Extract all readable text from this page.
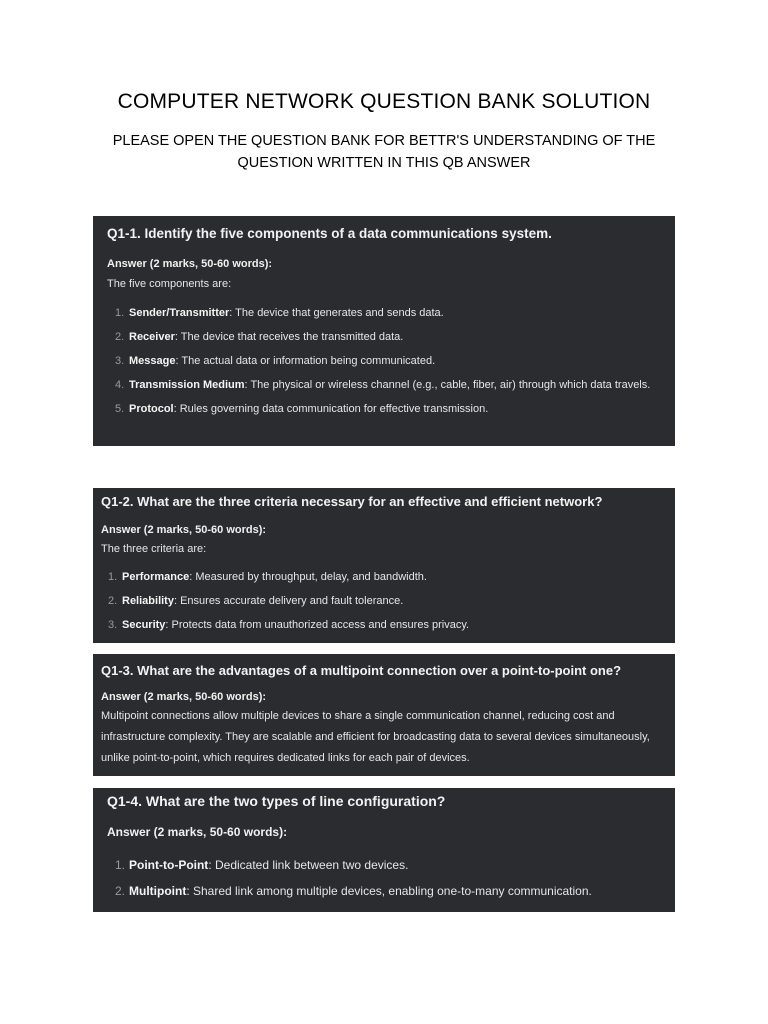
COMPUTER NETWORK QUESTION BANK SOLUTION
PLEASE OPEN THE QUESTION BANK FOR BETTR'S UNDERSTANDING OF THE
QUESTION WRITTEN IN THIS QB ANSWER
Q1-1. Identify the five components of a data communications system.
Answer (2 marks, 50-60 words):
The five components are:
1. Sender/Transmitter: The device that generates and sends data.
2. Receiver: The device that receives the transmitted data.
3. Message: The actual data or information being communicated.
4. Transmission Medium: The physical or wireless channel (e.g., cable, fiber, air) through which data travels.
5. Protocol: Rules governing data communication for effective transmission.
Q1-2. What are the three criteria necessary for an effective and efficient network?
Answer (2 marks, 50-60 words):
The three criteria are:
1. Performance: Measured by throughput, delay, and bandwidth.
2. Reliability: Ensures accurate delivery and fault tolerance.
3. Security: Protects data from unauthorized access and ensures privacy.
Q1-3. What are the advantages of a multipoint connection over a point-to-point one?
Answer (2 marks, 50-60 words):
Multipoint connections allow multiple devices to share a single communication channel, reducing cost and infrastructure complexity. They are scalable and efficient for broadcasting data to several devices simultaneously, unlike point-to-point, which requires dedicated links for each pair of devices.
Q1-4. What are the two types of line configuration?
Answer (2 marks, 50-60 words):
1. Point-to-Point: Dedicated link between two devices.
2. Multipoint: Shared link among multiple devices, enabling one-to-many communication.
